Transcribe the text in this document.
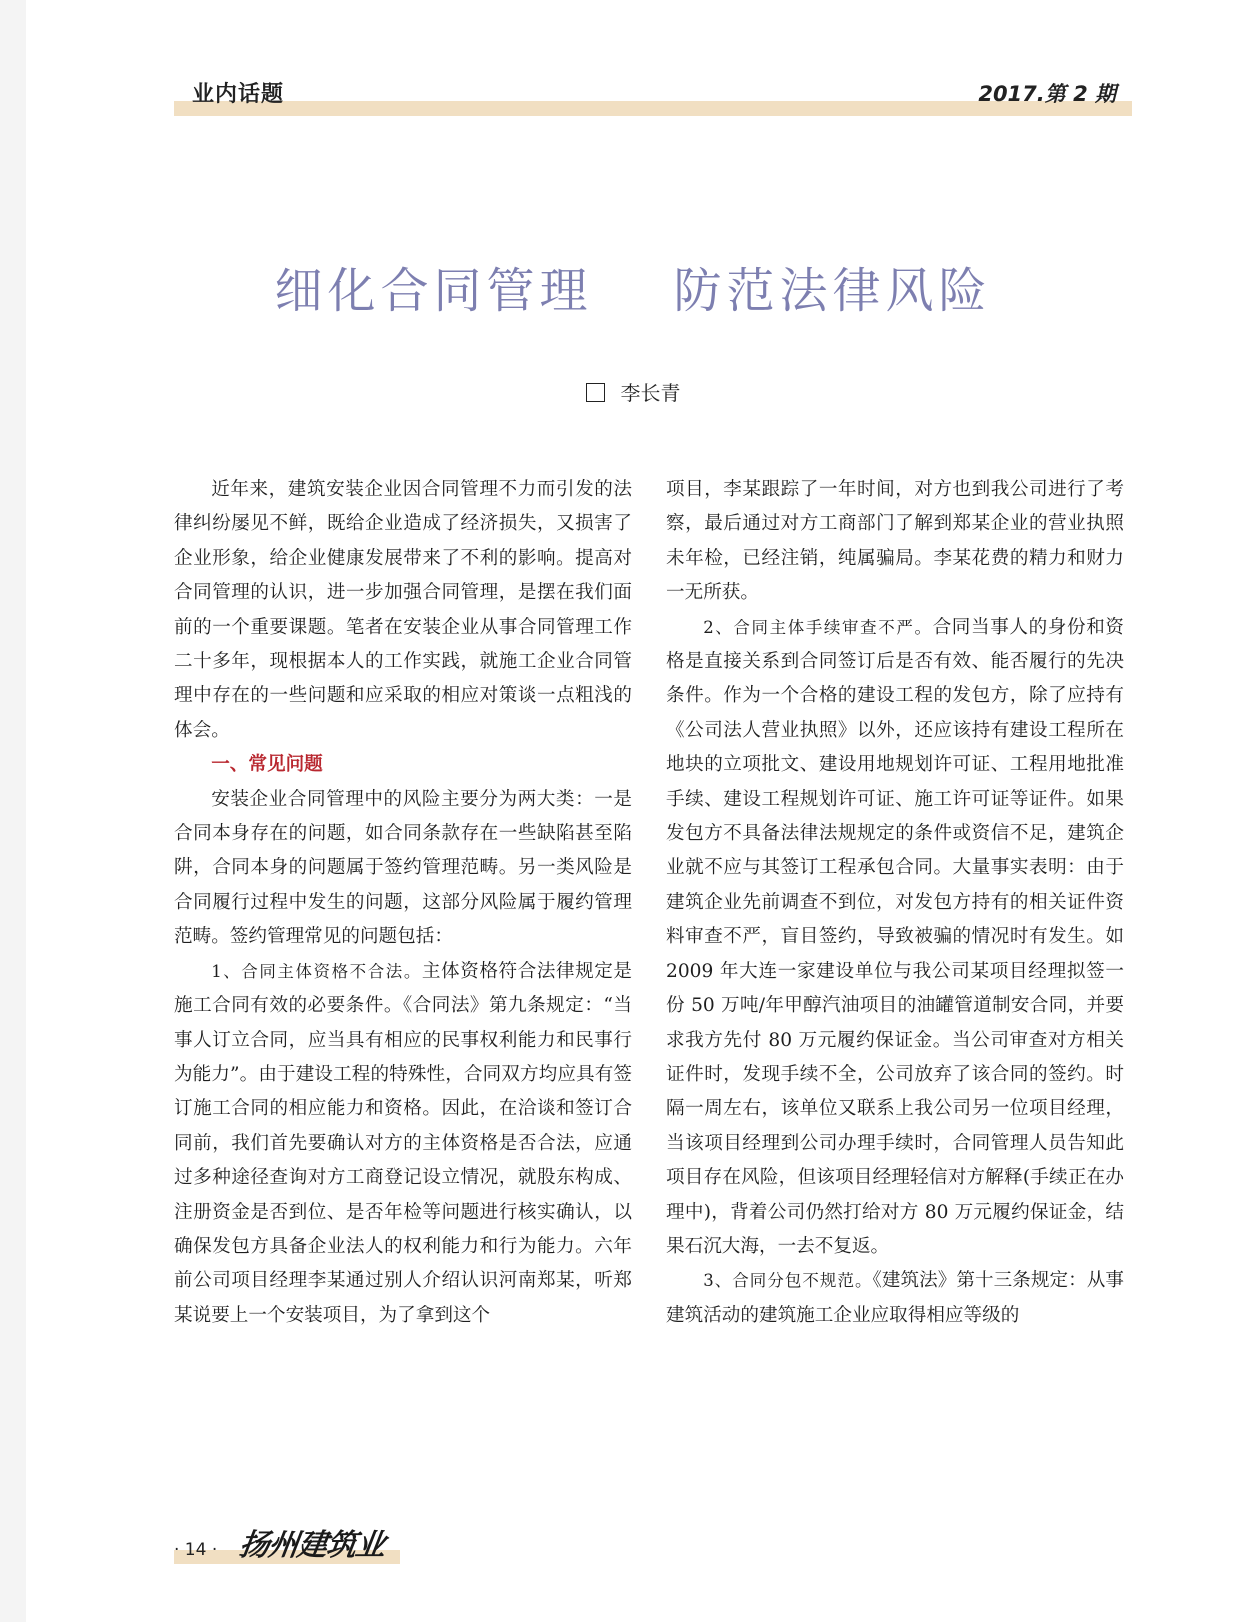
业内话题	2017.第 2 期
细化合同管理    防范法律风险
李长青

近年来，建筑安装企业因合同管理不力而引发的法律纠纷屡见不鲜，既给企业造成了经济损失，又损害了企业形象，给企业健康发展带来了不利的影响。提高对合同管理的认识，进一步加强合同管理，是摆在我们面前的一个重要课题。笔者在安装企业从事合同管理工作二十多年，现根据本人的工作实践，就施工企业合同管理中存在的一些问题和应采取的相应对策谈一点粗浅的体会。

一、常见问题

安装企业合同管理中的风险主要分为两大类：一是合同本身存在的问题，如合同条款存在一些缺陷甚至陷阱，合同本身的问题属于签约管理范畴。另一类风险是合同履行过程中发生的问题，这部分风险属于履约管理范畴。签约管理常见的问题包括：

1、合同主体资格不合法。主体资格符合法律规定是施工合同有效的必要条件。《合同法》第九条规定：“当事人订立合同，应当具有相应的民事权利能力和民事行为能力”。由于建设工程的特殊性，合同双方均应具有签订施工合同的相应能力和资格。因此，在洽谈和签订合同前，我们首先要确认对方的主体资格是否合法，应通过多种途径查询对方工商登记设立情况，就股东构成、注册资金是否到位、是否年检等问题进行核实确认，以确保发包方具备企业法人的权利能力和行为能力。六年前公司项目经理李某通过别人介绍认识河南郑某，听郑某说要上一个安装项目，为了拿到这个

项目，李某跟踪了一年时间，对方也到我公司进行了考察，最后通过对方工商部门了解到郑某企业的营业执照未年检，已经注销，纯属骗局。李某花费的精力和财力一无所获。

2、合同主体手续审查不严。合同当事人的身份和资格是直接关系到合同签订后是否有效、能否履行的先决条件。作为一个合格的建设工程的发包方，除了应持有《公司法人营业执照》以外，还应该持有建设工程所在地块的立项批文、建设用地规划许可证、工程用地批准手续、建设工程规划许可证、施工许可证等证件。如果发包方不具备法律法规规定的条件或资信不足，建筑企业就不应与其签订工程承包合同。大量事实表明：由于建筑企业先前调查不到位，对发包方持有的相关证件资料审查不严，盲目签约，导致被骗的情况时有发生。如 2009 年大连一家建设单位与我公司某项目经理拟签一份 50 万吨/年甲醇汽油项目的油罐管道制安合同，并要求我方先付 80 万元履约保证金。当公司审查对方相关证件时，发现手续不全，公司放弃了该合同的签约。时隔一周左右，该单位又联系上我公司另一位项目经理，当该项目经理到公司办理手续时，合同管理人员告知此项目存在风险，但该项目经理轻信对方解释(手续正在办理中)，背着公司仍然打给对方 80 万元履约保证金，结果石沉大海，一去不复返。

3、合同分包不规范。《建筑法》第十三条规定：从事建筑活动的建筑施工企业应取得相应等级的

· 14 · 扬州建筑业
